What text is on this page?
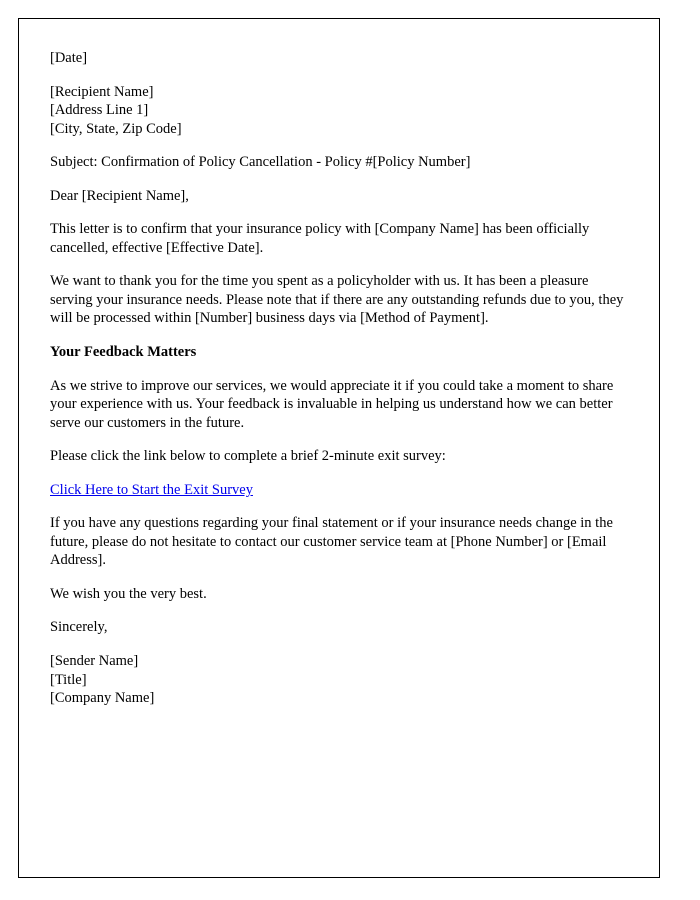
[Date]

[Recipient Name]
[Address Line 1]
[City, State, Zip Code]

Subject: Confirmation of Policy Cancellation - Policy #[Policy Number]

Dear [Recipient Name],

This letter is to confirm that your insurance policy with [Company Name] has been officially cancelled, effective [Effective Date].

We want to thank you for the time you spent as a policyholder with us. It has been a pleasure serving your insurance needs. Please note that if there are any outstanding refunds due to you, they will be processed within [Number] business days via [Method of Payment].

Your Feedback Matters

As we strive to improve our services, we would appreciate it if you could take a moment to share your experience with us. Your feedback is invaluable in helping us understand how we can better serve our customers in the future.

Please click the link below to complete a brief 2-minute exit survey:

Click Here to Start the Exit Survey

If you have any questions regarding your final statement or if your insurance needs change in the future, please do not hesitate to contact our customer service team at [Phone Number] or [Email Address].

We wish you the very best.

Sincerely,

[Sender Name]
[Title]
[Company Name]
